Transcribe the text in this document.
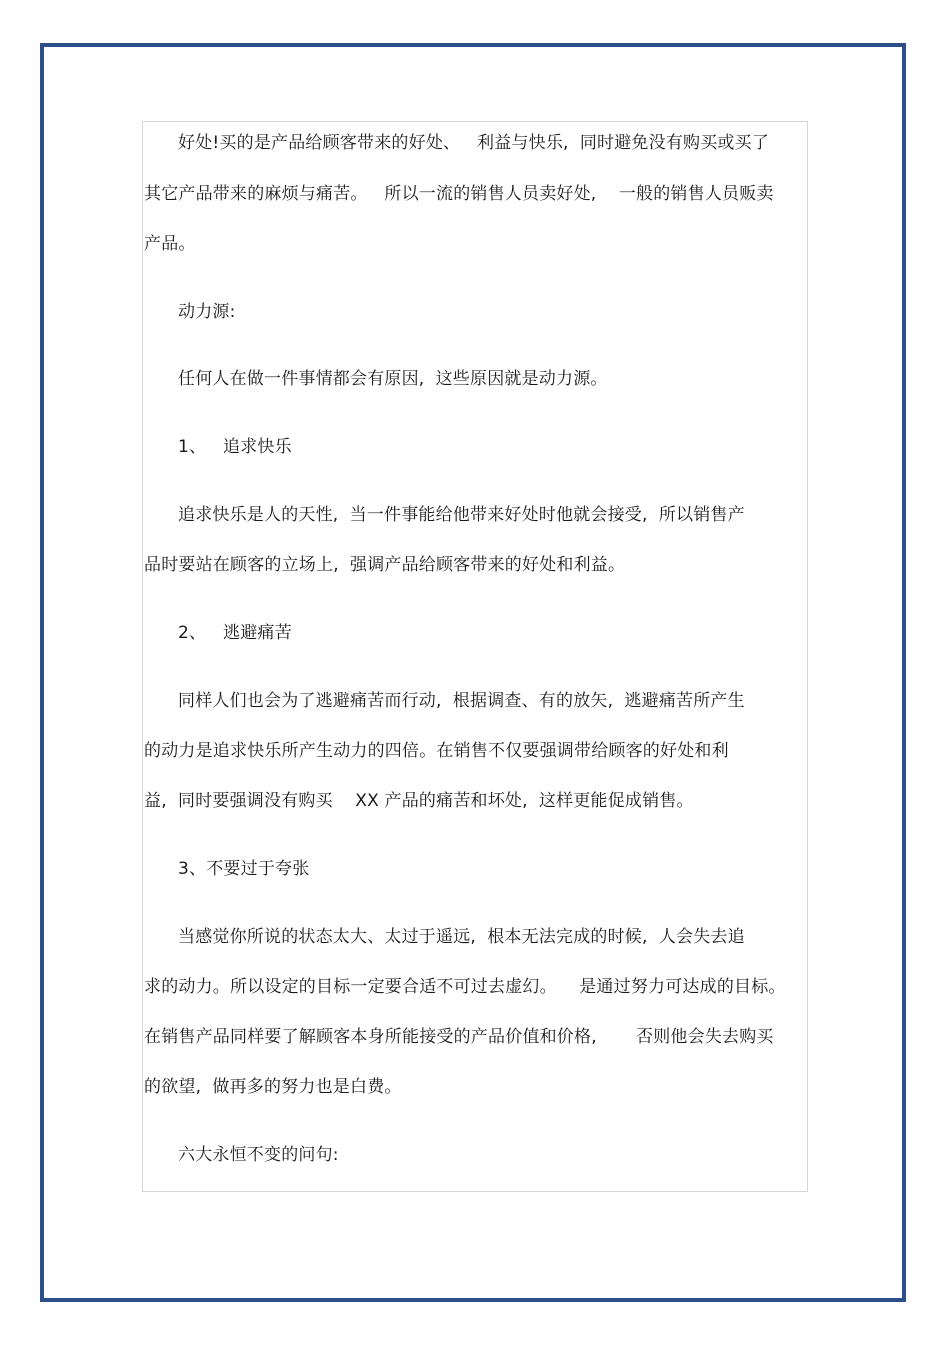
好处!买的是产品给顾客带来的好处、   利益与快乐,  同时避免没有购买或买了
其它产品带来的麻烦与痛苦。   所以一流的销售人员卖好处,    一般的销售人员贩卖
产品。
动力源:
任何人在做一件事情都会有原因,  这些原因就是动力源。
1、   追求快乐
追求快乐是人的天性,  当一件事能给他带来好处时他就会接受,  所以销售产
品时要站在顾客的立场上,  强调产品给顾客带来的好处和利益。
2、   逃避痛苦
同样人们也会为了逃避痛苦而行动,  根据调查、有的放矢,  逃避痛苦所产生
的动力是追求快乐所产生动力的四倍。在销售不仅要强调带给顾客的好处和利
益,  同时要强调没有购买    XX 产品的痛苦和坏处,  这样更能促成销售。
3、不要过于夸张
当感觉你所说的状态太大、太过于遥远,  根本无法完成的时候,  人会失去追
求的动力。所以设定的目标一定要合适不可过去虚幻。    是通过努力可达成的目标。
在销售产品同样要了解顾客本身所能接受的产品价值和价格,       否则他会失去购买
的欲望,  做再多的努力也是白费。
六大永恒不变的问句:
